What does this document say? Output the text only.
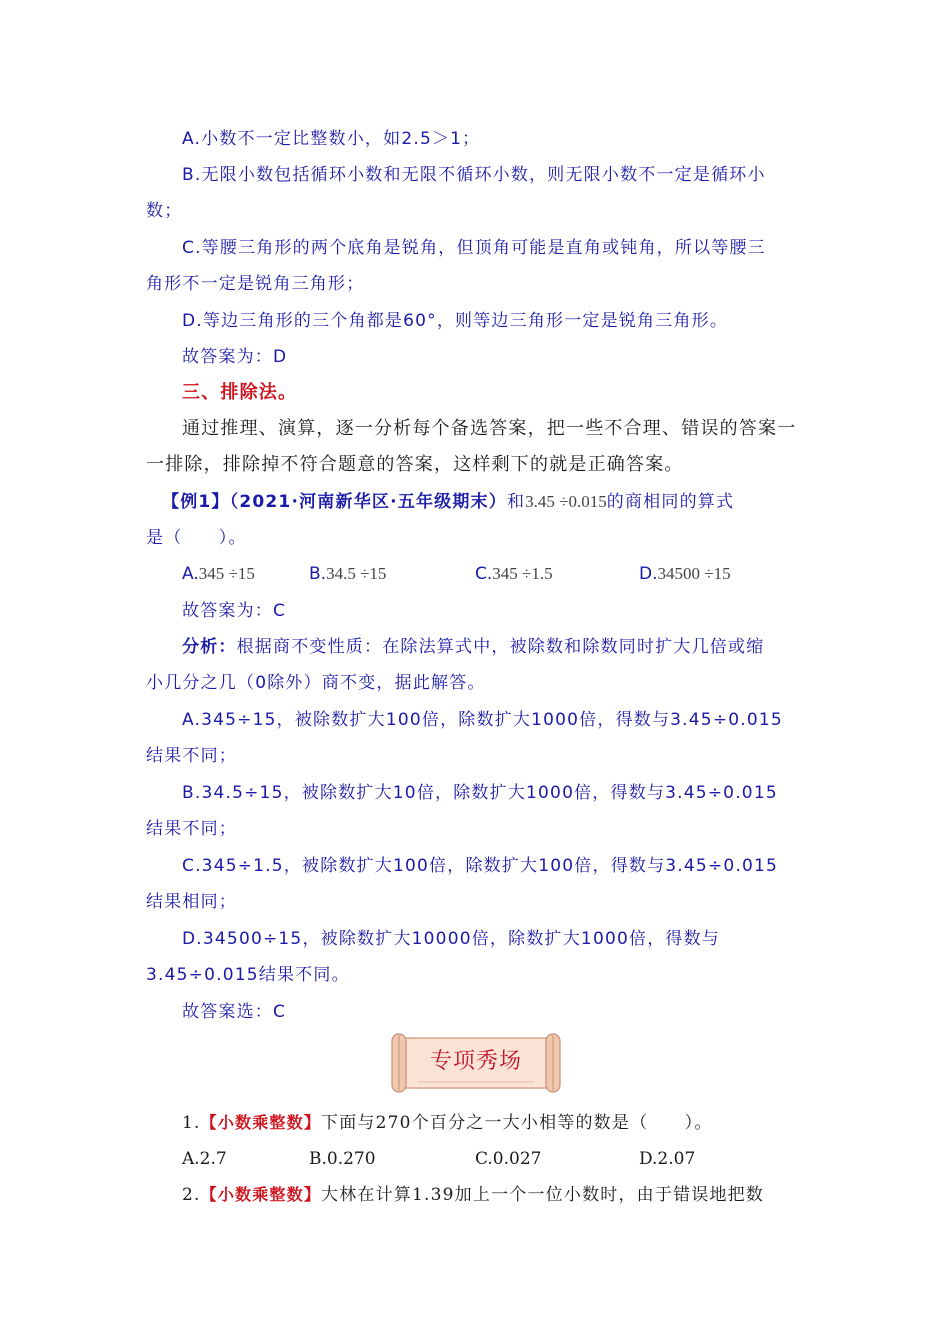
A.小数不一定比整数小，如2.5＞1；
B.无限小数包括循环小数和无限不循环小数，则无限小数不一定是循环小
数；
C.等腰三角形的两个底角是锐角，但顶角可能是直角或钝角，所以等腰三
角形不一定是锐角三角形；
D.等边三角形的三个角都是60°，则等边三角形一定是锐角三角形。
故答案为：D
三、排除法。
通过推理、演算，逐一分析每个备选答案，把一些不合理、错误的答案一
一排除，排除掉不符合题意的答案，这样剩下的就是正确答案。
【例1】（2021·河南新华区·五年级期末）和3.45 ÷0.015的商相同的算式
是（　　）。
A.345 ÷15	B.34.5 ÷15	C.345 ÷1.5	D.34500 ÷15
故答案为：C
分析：根据商不变性质：在除法算式中，被除数和除数同时扩大几倍或缩
小几分之几（0除外）商不变，据此解答。
A.345÷15，被除数扩大100倍，除数扩大1000倍，得数与3.45÷0.015
结果不同；
B.34.5÷15，被除数扩大10倍，除数扩大1000倍，得数与3.45÷0.015
结果不同；
C.345÷1.5，被除数扩大100倍，除数扩大100倍，得数与3.45÷0.015
结果相同；
D.34500÷15，被除数扩大10000倍，除数扩大1000倍，得数与
3.45÷0.015结果不同。
故答案选：C
专项秀场
1.【小数乘整数】下面与270个百分之一大小相等的数是（　　）。
A.2.7	B.0.270	C.0.027	D.2.07
2.【小数乘整数】大林在计算1.39加上一个一位小数时，由于错误地把数
